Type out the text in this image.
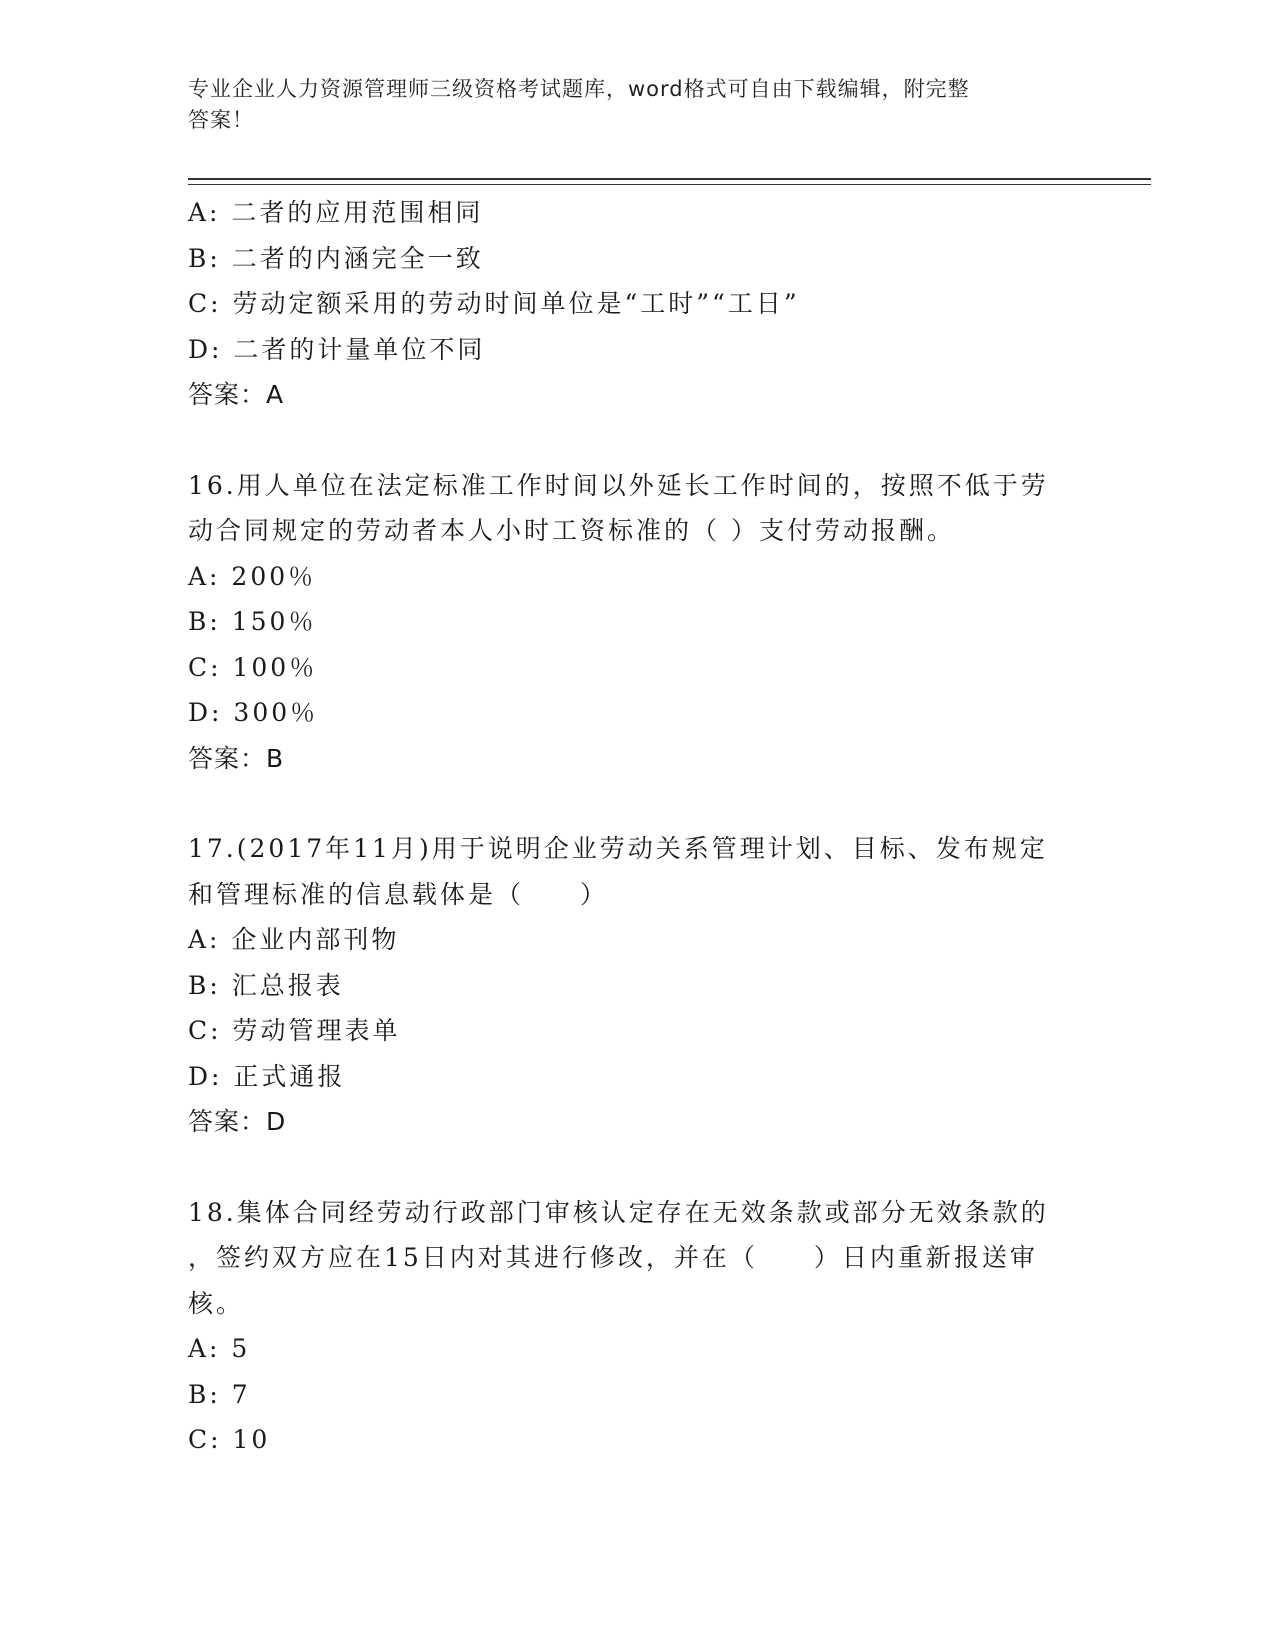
专业企业人力资源管理师三级资格考试题库，word格式可自由下载编辑，附完整
答案！
A: 二者的应用范围相同
B: 二者的内涵完全一致
C: 劳动定额采用的劳动时间单位是“工时”“工日”
D: 二者的计量单位不同
答案：A
16.用人单位在法定标准工作时间以外延长工作时间的，按照不低于劳
动合同规定的劳动者本人小时工资标准的（ ）支付劳动报酬。
A: 200％
B: 150％
C: 100％
D: 300％
答案：B
17.(2017年11月)用于说明企业劳动关系管理计划、目标、发布规定
和管理标准的信息载体是（　　）
A: 企业内部刊物
B: 汇总报表
C: 劳动管理表单
D: 正式通报
答案：D
18.集体合同经劳动行政部门审核认定存在无效条款或部分无效条款的
，签约双方应在15日内对其进行修改，并在（　　）日内重新报送审
核。
A: 5
B: 7
C: 10
